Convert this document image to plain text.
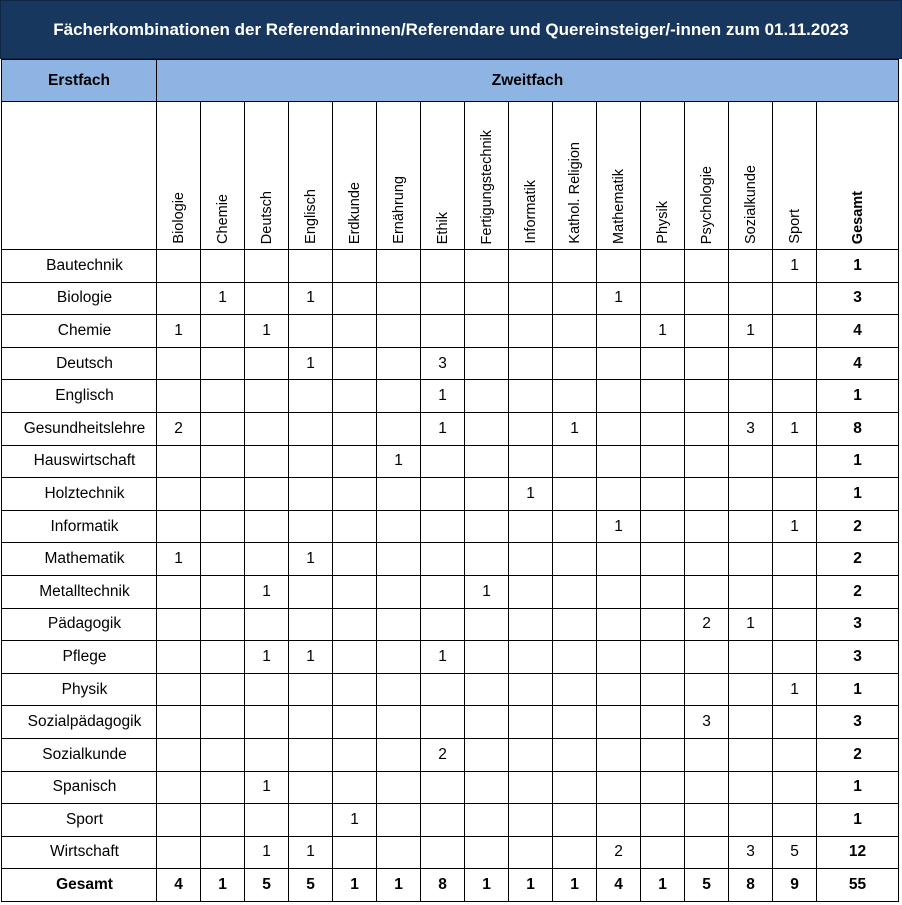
Fächerkombinationen der Referendarinnen/Referendare und Quereinsteiger/-innen zum 01.11.2023
Erstfach	Zweitfach															
	Biologie	Chemie	Deutsch	Englisch	Erdkunde	Ernährung	Ethik	Fertigungstechnik	Informatik	Kathol. Religion	Mathematik	Physik	Psychologie	Sozialkunde	Sport	Gesamt
Bautechnik															1	1
Biologie		1		1							1					3
Chemie	1		1									1		1		4
Deutsch				1			3									4
Englisch							1									1
Gesundheitslehre	2						1			1				3	1	8
Hauswirtschaft						1										1
Holztechnik									1							1
Informatik											1				1	2
Mathematik	1			1												2
Metalltechnik			1					1								2
Pädagogik													2	1		3
Pflege			1	1			1									3
Physik															1	1
Sozialpädagogik													3			3
Sozialkunde							2									2
Spanisch			1													1
Sport					1											1
Wirtschaft			1	1							2			3	5	12
Gesamt	4	1	5	5	1	1	8	1	1	1	4	1	5	8	9	55
